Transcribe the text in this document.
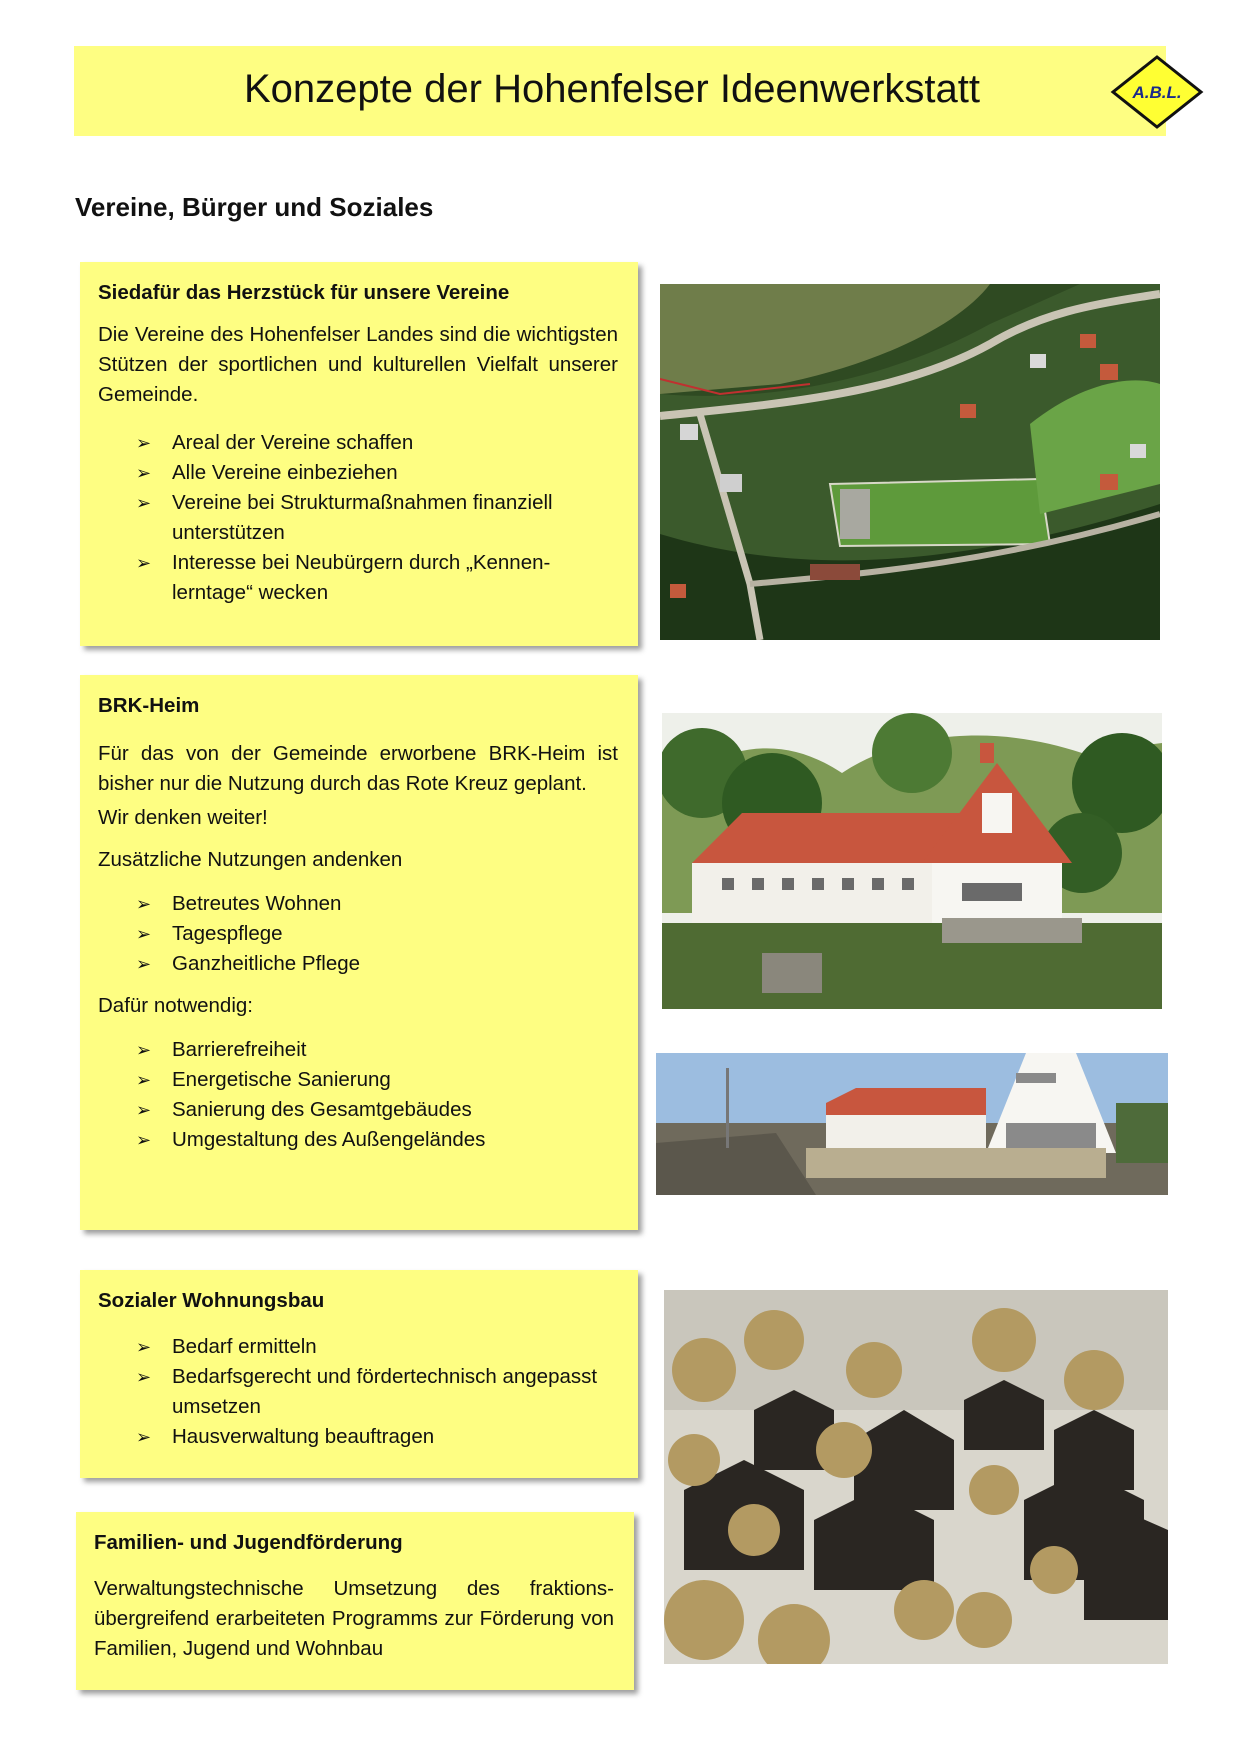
Konzepte der Hohenfelser Ideenwerkstatt	A.B.L.
Vereine, Bürger und Soziales
Siedafür das Herzstück für unsere Vereine

Die Vereine des Hohenfelser Landes sind die wichtigsten Stützen der sportlichen und kulturellen Vielfalt unserer Gemeinde.

➢ Areal der Vereine schaffen
➢ Alle Vereine einbeziehen
➢ Vereine bei Strukturmaßnahmen finanziell unterstützen
➢ Interesse bei Neubürgern durch „Kennen-lerntage“ wecken
BRK-Heim

Für das von der Gemeinde erworbene BRK-Heim ist bisher nur die Nutzung durch das Rote Kreuz geplant.

Wir denken weiter!

Zusätzliche Nutzungen andenken

➢ Betreutes Wohnen
➢ Tagespflege
➢ Ganzheitliche Pflege

Dafür notwendig:

➢ Barrierefreiheit
➢ Energetische Sanierung
➢ Sanierung des Gesamtgebäudes
➢ Umgestaltung des Außengeländes
Sozialer Wohnungsbau
➢ Bedarf ermitteln
➢ Bedarfsgerecht und fördertechnisch angepasst umsetzen
➢ Hausverwaltung beauftragen
Familien- und Jugendförderung

Verwaltungstechnische Umsetzung des fraktions-übergreifend erarbeiteten Programms zur Förderung von Familien, Jugend und Wohnbau
